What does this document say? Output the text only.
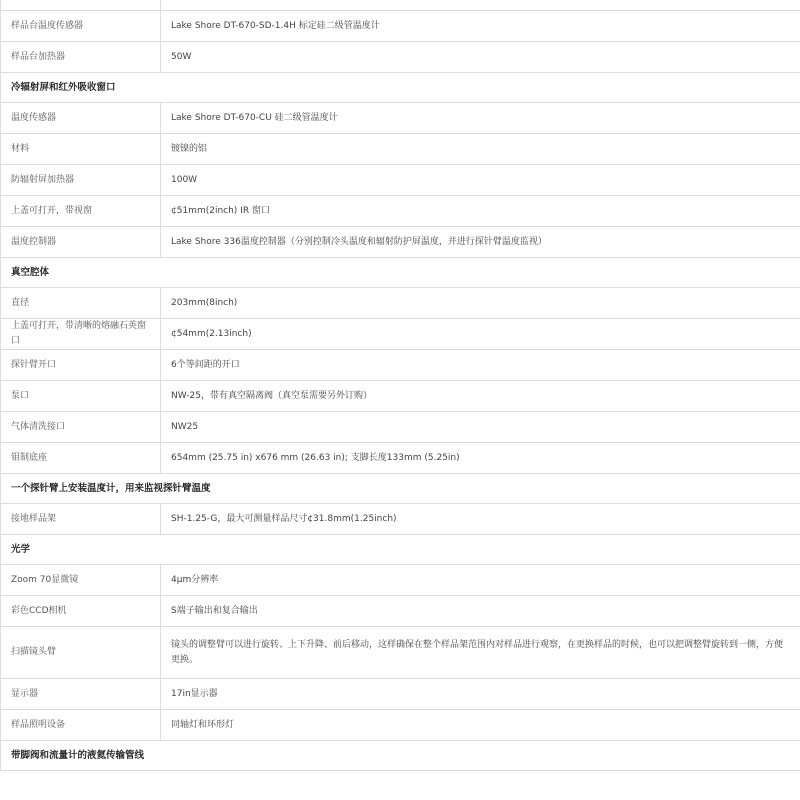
样品台温度传感器	Lake Shore DT-670-SD-1.4H 标定硅二级管温度计
样品台加热器	50W
冷辐射屏和红外吸收窗口	
温度传感器	Lake Shore DT-670-CU 硅二级管温度计
材料	镀镍的铝
防辐射屏加热器	100W
上盖可打开，带视窗	¢51mm(2inch) IR 窗口
温度控制器	Lake Shore 336温度控制器（分别控制冷头温度和辐射防护屏温度，并进行探针臂温度监视）
真空腔体	
直径	203mm(8inch)
上盖可打开，带清晰的熔融石英窗口	¢54mm(2.13inch)
探针臂开口	6个等间距的开口
泵口	NW-25，带有真空隔离阀（真空泵需要另外订购）
气体清洗接口	NW25
钼制底座	654mm (25.75 in) x676 mm (26.63 in); 支脚长度133mm (5.25in)
一个探针臂上安装温度计，用来监视探针臂温度	
接地样品架	SH-1.25-G，最大可测量样品尺寸¢31.8mm(1.25inch)
光学	
Zoom 70显微镜	4μm分辨率
彩色CCD相机	S端子输出和复合输出
扫描镜头臂	镜头的调整臂可以进行旋转、上下升降、前后移动，这样确保在整个样品架范围内对样品进行观察，在更换样品的时候，也可以把调整臂旋转到一侧，方便更换。
显示器	17in显示器
样品照明设备	同轴灯和环形灯
带脚阀和流量计的液氦传输管线	
